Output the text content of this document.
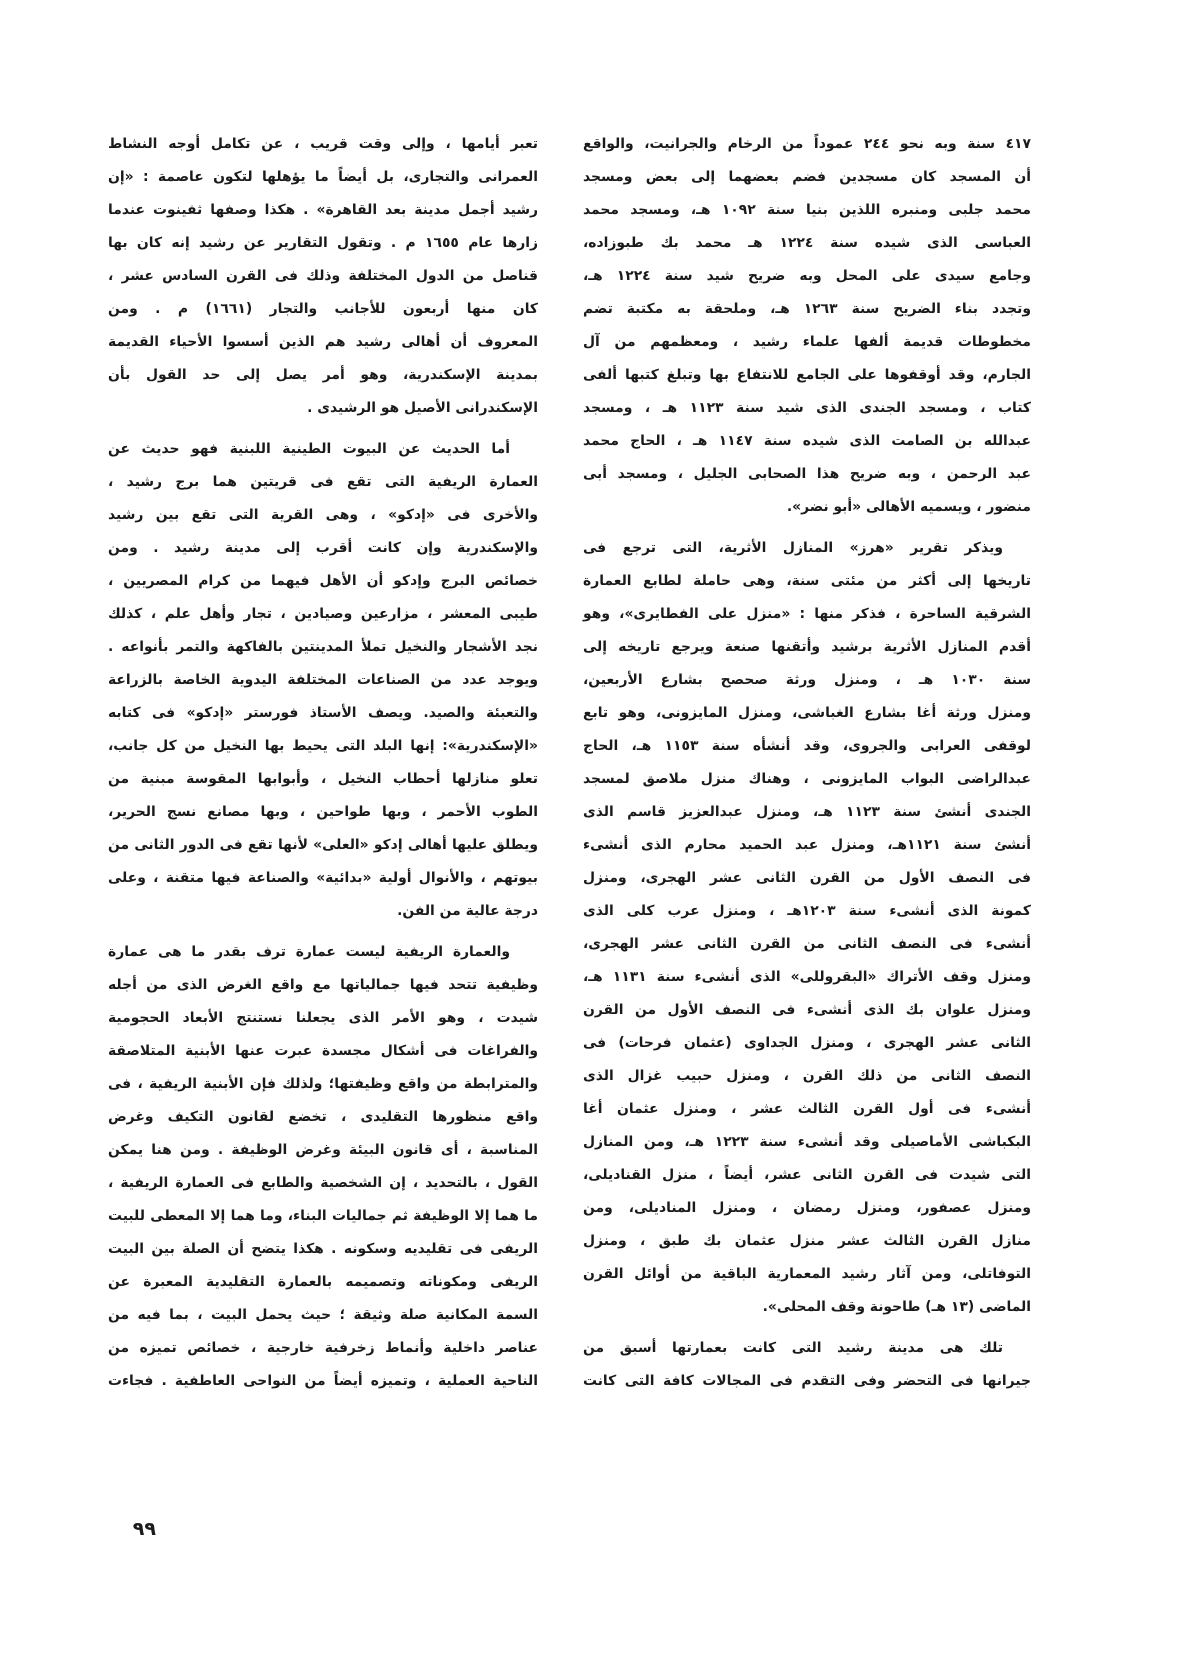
٤١٧ سنة وبه نحو ٢٤٤ عموداً من الرخام والجرانيت، والواقع
أن المسجد كان مسجدين فضم بعضهما إلى بعض ومسجد
محمد جلبى ومنبره اللذين بنيا سنة ١٠٩٢ هـ، ومسجد محمد
العباسى الذى شيده سنة ١٢٢٤ هـ محمد بك طبوزاده،
وجامع سيدى على المحل وبه ضريح شيد سنة ١٢٢٤ هـ،
وتجدد بناء الضريح سنة ١٢٦٣ هـ، وملحقة به مكتبة تضم
مخطوطات قديمة ألفها علماء رشيد ، ومعظمهم من آل
الجارم، وقد أوقفوها على الجامع للانتفاع بها وتبلغ كتبها ألفى
كتاب ، ومسجد الجندى الذى شيد سنة ١١٢٣ هـ ، ومسجد
عبدالله بن الصامت الذى شيده سنة ١١٤٧ هـ ، الحاج محمد
عبد الرحمن ، وبه ضريح هذا الصحابى الجليل ، ومسجد أبى
منضور ، ويسميه الأهالى «أبو نضر».
ويذكر تقرير «هرز» المنازل الأثرية، التى ترجع فى
تاريخها إلى أكثر من مئتى سنة، وهى حاملة لطابع العمارة
الشرقية الساحرة ، فذكر منها : «منزل على الفطايرى»، وهو
أقدم المنازل الأثرية برشيد وأتقنها صنعة ويرجع تاريخه إلى
سنة ١٠٣٠ هـ ، ومنزل ورثة صحصح بشارع الأربعين،
ومنزل ورثة أغا بشارع الغباشى، ومنزل المايزونى، وهو تابع
لوقفى العرابى والجروى، وقد أنشأه سنة ١١٥٣ هـ، الحاج
عبدالراضى البواب المايزونى ، وهناك منزل ملاصق لمسجد
الجندى أنشئ سنة ١١٢٣ هـ، ومنزل عبدالعزيز قاسم الذى
أنشئ سنة ١١٢١هـ، ومنزل عبد الحميد محارم الذى أنشىء
فى النصف الأول من القرن الثانى عشر الهجرى، ومنزل
كمونة الذى أنشىء سنة ١٢٠٣هـ ، ومنزل عرب كلى الذى
أنشىء فى النصف الثانى من القرن الثانى عشر الهجرى،
ومنزل وقف الأتراك «البقروللى» الذى أنشىء سنة ١١٣١ هـ،
ومنزل علوان بك الذى أنشىء فى النصف الأول من القرن
الثانى عشر الهجرى ، ومنزل الجداوى (عثمان فرحات) فى
النصف الثانى من ذلك القرن ، ومنزل حبيب غزال الذى
أنشىء فى أول القرن الثالث عشر ، ومنزل عثمان أغا
البكباشى الأماصيلى وقد أنشىء سنة ١٢٢٣ هـ، ومن المنازل
التى شيدت فى القرن الثانى عشر، أيضاً ، منزل القناديلى،
ومنزل عصفور، ومنزل رمضان ، ومنزل المناديلى، ومن
منازل القرن الثالث عشر منزل عثمان بك طبق ، ومنزل
التوفاتلى، ومن آثار رشيد المعمارية الباقية من أوائل القرن
الماضى (١٣ هـ) طاحونة وقف المحلى».
تلك هى مدينة رشيد التى كانت بعمارتها أسبق من
جيرانها فى التحضر وفى التقدم فى المجالات كافة التى كانت
تعبر أيامها ، وإلى وقت قريب ، عن تكامل أوجه النشاط
العمرانى والتجارى، بل أيضاً ما يؤهلها لتكون عاصمة : «إن
رشيد أجمل مدينة بعد القاهرة» . هكذا وصفها ثفينوت عندما
زارها عام ١٦٥٥ م . وتقول التقارير عن رشيد إنه كان بها
قناصل من الدول المختلفة وذلك فى القرن السادس عشر ،
كان منها أربعون للأجانب والتجار (١٦٦١) م . ومن
المعروف أن أهالى رشيد هم الذين أسسوا الأحياء القديمة
بمدينة الإسكندرية، وهو أمر يصل إلى حد القول بأن
الإسكندرانى الأصيل هو الرشيدى .
أما الحديث عن البيوت الطينية اللبنية فهو حديث عن
العمارة الريفية التى تقع فى قريتين هما برج رشيد ،
والأخرى فى «إدكو» ، وهى القرية التى تقع بين رشيد
والإسكندرية وإن كانت أقرب إلى مدينة رشيد . ومن
خصائص البرج وإدكو أن الأهل فيهما من كرام المصريين ،
طيبى المعشر ، مزارعين وصيادين ، تجار وأهل علم ، كذلك
نجد الأشجار والنخيل تملأ المدينتين بالفاكهة والتمر بأنواعه .
ويوجد عدد من الصناعات المختلفة اليدوية الخاصة بالزراعة
والتعبئة والصيد. ويصف الأستاذ فورستر «إدكو» فى كتابه
«الإسكندرية»: إنها البلد التى يحيط بها النخيل من كل جانب،
تعلو منازلها أحطاب النخيل ، وأبوابها المقوسة مبنية من
الطوب الأحمر ، وبها طواحين ، وبها مصانع نسج الحرير،
ويطلق عليها أهالى إدكو «العلى» لأنها تقع فى الدور الثانى من
بيوتهم ، والأنوال أولية «بدائية» والصناعة فيها متقنة ، وعلى
درجة عالية من الفن.
والعمارة الريفية ليست عمارة ترف بقدر ما هى عمارة
وظيفية تتحد فيها جمالياتها مع واقع الغرض الذى من أجله
شيدت ، وهو الأمر الذى يجعلنا نستنتج الأبعاد الحجومية
والفراغات فى أشكال مجسدة عبرت عنها الأبنية المتلاصقة
والمترابطة من واقع وظيفتها؛ ولذلك فإن الأبنية الريفية ، فى
واقع منظورها التقليدى ، تخضع لقانون التكيف وغرض
المناسبة ، أى قانون البيئة وغرض الوظيفة . ومن هنا يمكن
القول ، بالتحديد ، إن الشخصية والطابع فى العمارة الريفية ،
ما هما إلا الوظيفة ثم جماليات البناء، وما هما إلا المعطى للبيت
الريفى فى تقليديه وسكونه . هكذا يتضح أن الصلة بين البيت
الريفى ومكوناته وتصميمه بالعمارة التقليدية المعبرة عن
السمة المكانية صلة وثيقة ؛ حيث يحمل البيت ، بما فيه من
عناصر داخلية وأنماط زخرفية خارجية ، خصائص تميزه من
الناحية العملية ، وتميزه أيضاً من النواحى العاطفية . فجاءت
٩٩
